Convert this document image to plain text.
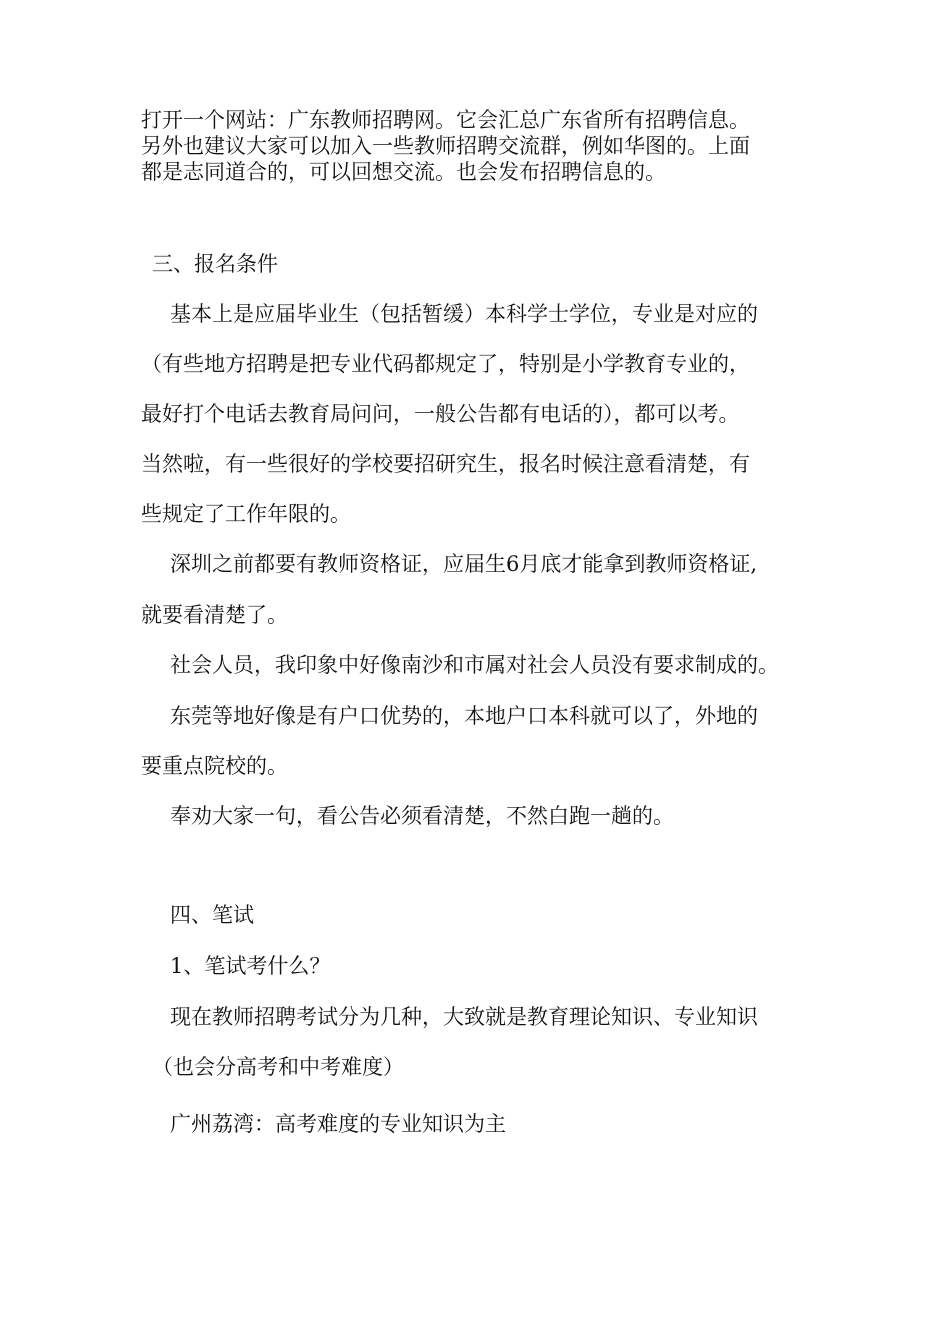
打开一个网站：广东教师招聘网。它会汇总广东省所有招聘信息。

另外也建议大家可以加入一些教师招聘交流群，例如华图的。上面

都是志同道合的，可以回想交流。也会发布招聘信息的。

三、报名条件

基本上是应届毕业生（包括暂缓）本科学士学位，专业是对应的

（有些地方招聘是把专业代码都规定了，特别是小学教育专业的，

最好打个电话去教育局问问，一般公告都有电话的），都可以考。

当然啦，有一些很好的学校要招研究生，报名时候注意看清楚，有

些规定了工作年限的。

深圳之前都要有教师资格证，应届生6月底才能拿到教师资格证,

就要看清楚了。

社会人员，我印象中好像南沙和市属对社会人员没有要求制成的。

东莞等地好像是有户口优势的，本地户口本科就可以了，外地的

要重点院校的。

奉劝大家一句，看公告必须看清楚，不然白跑一趟的。

四、笔试

1、笔试考什么？

现在教师招聘考试分为几种，大致就是教育理论知识、专业知识

（也会分高考和中考难度）

广州荔湾：高考难度的专业知识为主
